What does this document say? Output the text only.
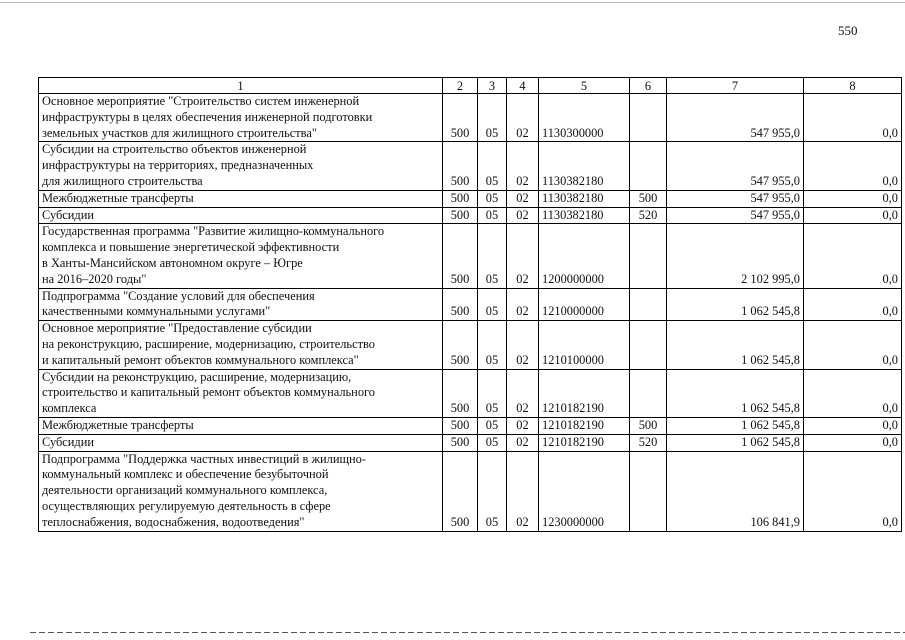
550
1	2	3	4	5	6	7	8
Основное мероприятие "Строительство систем инженерной
инфраструктуры в целях обеспечения инженерной подготовки
земельных участков для жилищного строительства"	500	05	02	1130300000		547 955,0	0,0
Субсидии на строительство объектов инженерной
инфраструктуры на территориях, предназначенных
для жилищного строительства	500	05	02	1130382180		547 955,0	0,0
Межбюджетные трансферты	500	05	02	1130382180	500	547 955,0	0,0
Субсидии	500	05	02	1130382180	520	547 955,0	0,0
Государственная программа "Развитие жилищно-коммунального
комплекса и повышение энергетической эффективности
в Ханты-Мансийском автономном округе – Югре
на 2016–2020 годы"	500	05	02	1200000000		2 102 995,0	0,0
Подпрограмма "Создание условий для обеспечения
качественными коммунальными услугами"	500	05	02	1210000000		1 062 545,8	0,0
Основное мероприятие "Предоставление субсидии
на реконструкцию, расширение, модернизацию, строительство
и капитальный ремонт объектов коммунального комплекса"	500	05	02	1210100000		1 062 545,8	0,0
Субсидии на реконструкцию, расширение, модернизацию,
строительство и капитальный ремонт объектов коммунального
комплекса	500	05	02	1210182190		1 062 545,8	0,0
Межбюджетные трансферты	500	05	02	1210182190	500	1 062 545,8	0,0
Субсидии	500	05	02	1210182190	520	1 062 545,8	0,0
Подпрограмма "Поддержка частных инвестиций в жилищно-
коммунальный комплекс и обеспечение безубыточной
деятельности организаций коммунального комплекса,
осуществляющих регулируемую деятельность в сфере
теплоснабжения, водоснабжения, водоотведения"	500	05	02	1230000000		106 841,9	0,0
